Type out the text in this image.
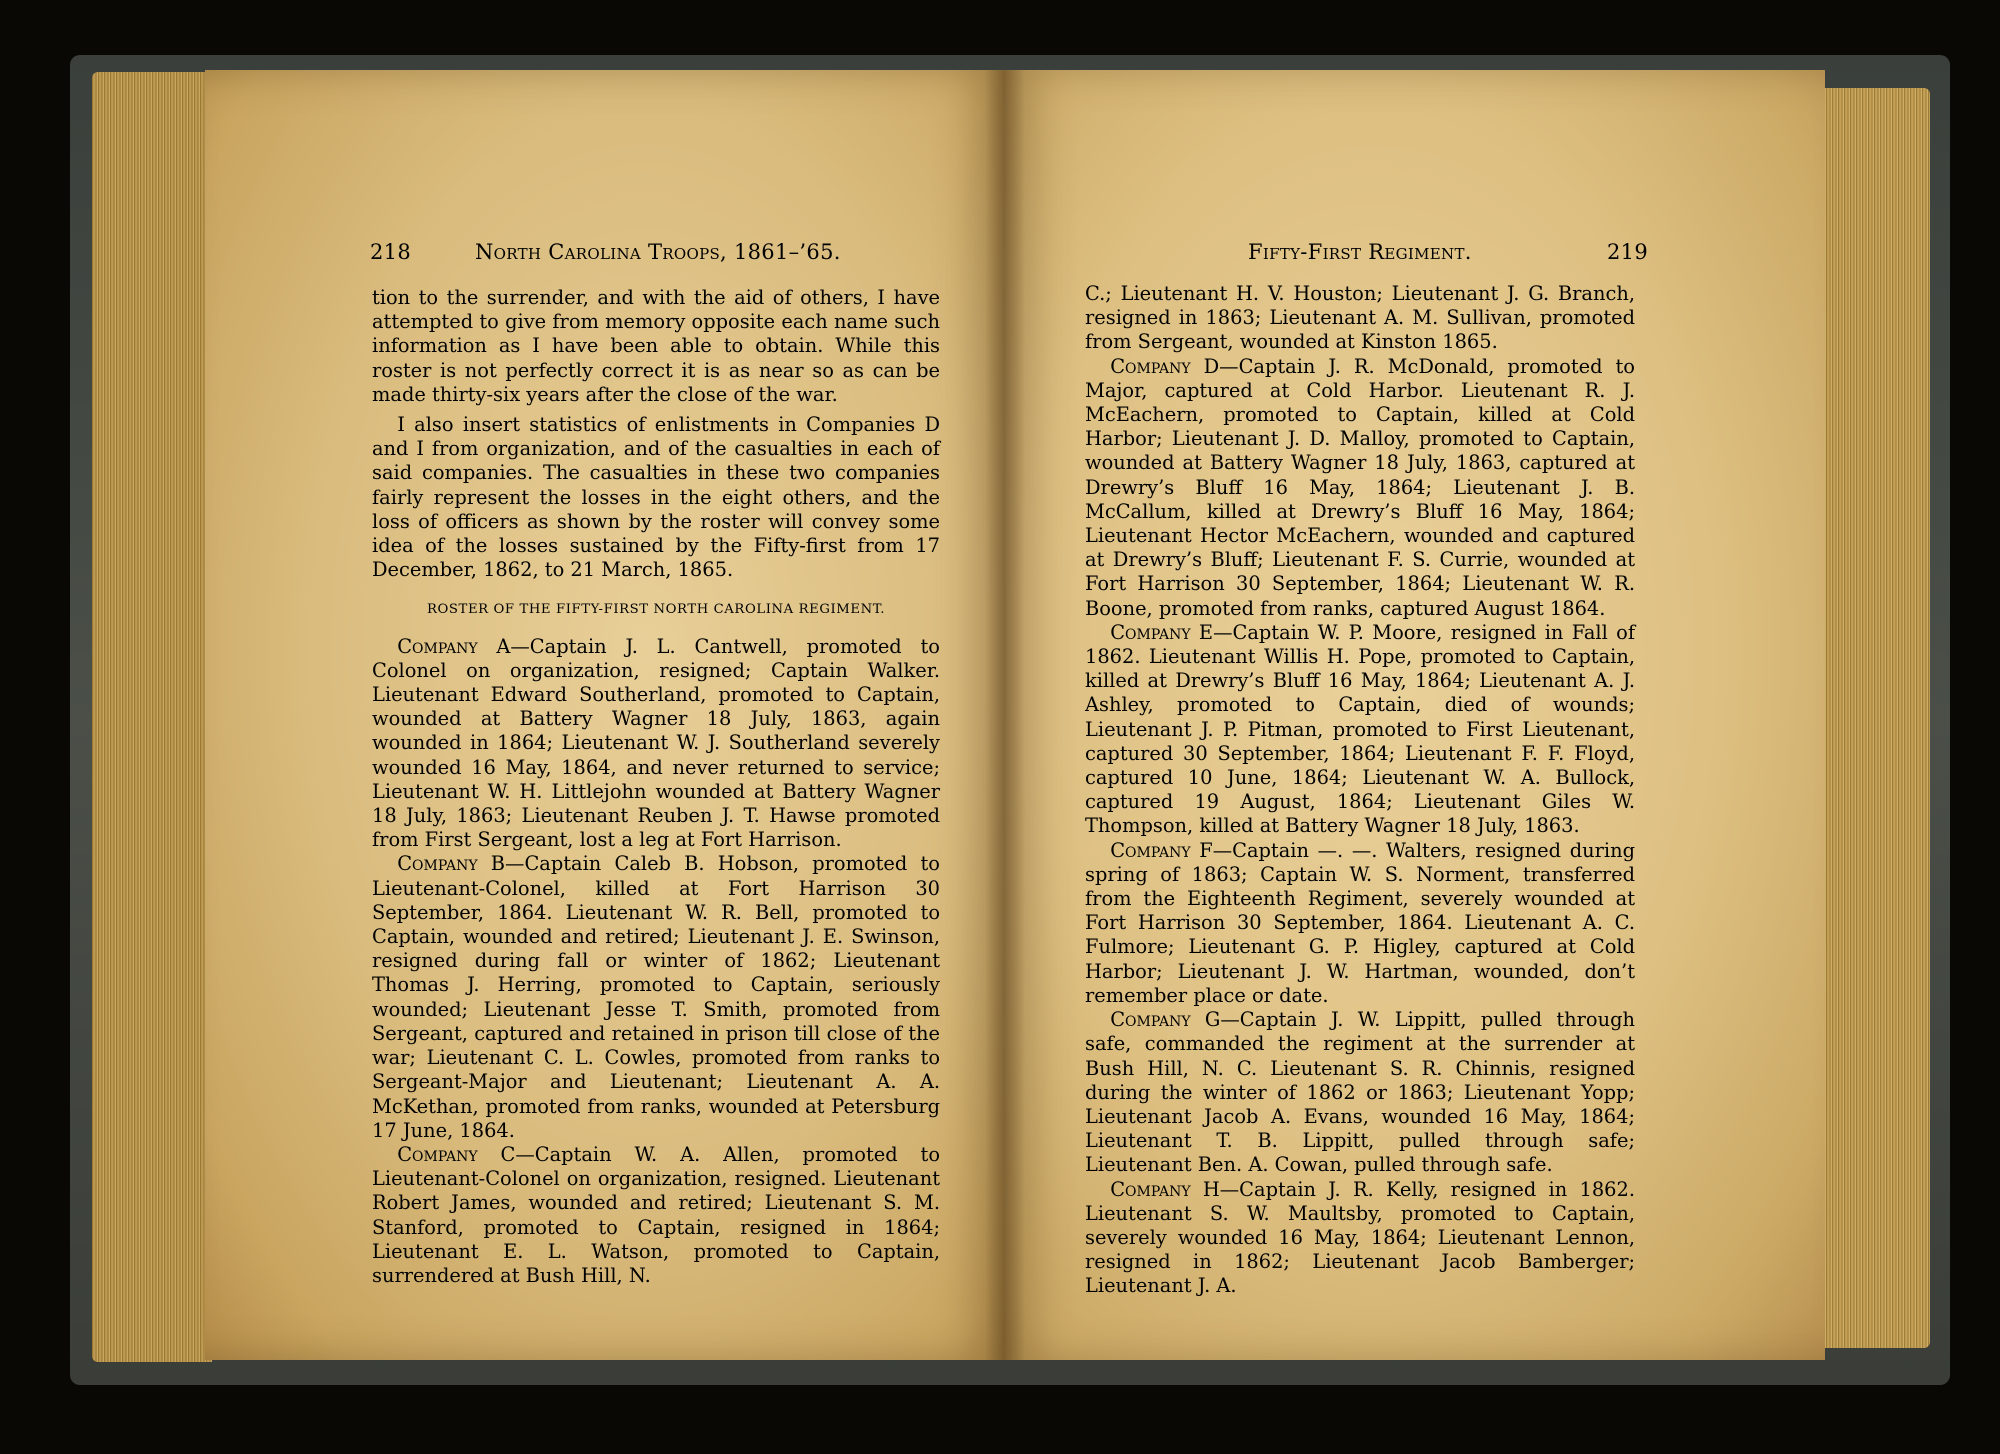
218	North Carolina Troops, 1861–’65.	Fifty-First Regiment.	219

tion to the surrender, and with the aid of others, I have attempted to give from memory opposite each name such information as I have been able to obtain. While this roster is not perfectly correct it is as near so as can be made thirty-six years after the close of the war.

I also insert statistics of enlistments in Companies D and I from organization, and of the casualties in each of said companies. The casualties in these two companies fairly represent the losses in the eight others, and the loss of officers as shown by the roster will convey some idea of the losses sustained by the Fifty-first from 17 December, 1862, to 21 March, 1865.

ROSTER OF THE FIFTY-FIRST NORTH CAROLINA REGIMENT.

Company A—Captain J. L. Cantwell, promoted to Colonel on organization, resigned; Captain Walker. Lieutenant Edward Southerland, promoted to Captain, wounded at Battery Wagner 18 July, 1863, again wounded in 1864; Lieutenant W. J. Southerland severely wounded 16 May, 1864, and never returned to service; Lieutenant W. H. Littlejohn wounded at Battery Wagner 18 July, 1863; Lieutenant Reuben J. T. Hawse promoted from First Sergeant, lost a leg at Fort Harrison.

Company B—Captain Caleb B. Hobson, promoted to Lieutenant-Colonel, killed at Fort Harrison 30 September, 1864. Lieutenant W. R. Bell, promoted to Captain, wounded and retired; Lieutenant J. E. Swinson, resigned during fall or winter of 1862; Lieutenant Thomas J. Herring, promoted to Captain, seriously wounded; Lieutenant Jesse T. Smith, promoted from Sergeant, captured and retained in prison till close of the war; Lieutenant C. L. Cowles, promoted from ranks to Sergeant-Major and Lieutenant; Lieutenant A. A. McKethan, promoted from ranks, wounded at Petersburg 17 June, 1864.

Company C—Captain W. A. Allen, promoted to Lieutenant-Colonel on organization, resigned. Lieutenant Robert James, wounded and retired; Lieutenant S. M. Stanford, promoted to Captain, resigned in 1864; Lieutenant E. L. Watson, promoted to Captain, surrendered at Bush Hill, N.

C.; Lieutenant H. V. Houston; Lieutenant J. G. Branch, resigned in 1863; Lieutenant A. M. Sullivan, promoted from Sergeant, wounded at Kinston 1865.

Company D—Captain J. R. McDonald, promoted to Major, captured at Cold Harbor. Lieutenant R. J. McEachern, promoted to Captain, killed at Cold Harbor; Lieutenant J. D. Malloy, promoted to Captain, wounded at Battery Wagner 18 July, 1863, captured at Drewry’s Bluff 16 May, 1864; Lieutenant J. B. McCallum, killed at Drewry’s Bluff 16 May, 1864; Lieutenant Hector McEachern, wounded and captured at Drewry’s Bluff; Lieutenant F. S. Currie, wounded at Fort Harrison 30 September, 1864; Lieutenant W. R. Boone, promoted from ranks, captured August 1864.

Company E—Captain W. P. Moore, resigned in Fall of 1862. Lieutenant Willis H. Pope, promoted to Captain, killed at Drewry’s Bluff 16 May, 1864; Lieutenant A. J. Ashley, promoted to Captain, died of wounds; Lieutenant J. P. Pitman, promoted to First Lieutenant, captured 30 September, 1864; Lieutenant F. F. Floyd, captured 10 June, 1864; Lieutenant W. A. Bullock, captured 19 August, 1864; Lieutenant Giles W. Thompson, killed at Battery Wagner 18 July, 1863.

Company F—Captain —. —. Walters, resigned during spring of 1863; Captain W. S. Norment, transferred from the Eighteenth Regiment, severely wounded at Fort Harrison 30 September, 1864. Lieutenant A. C. Fulmore; Lieutenant G. P. Higley, captured at Cold Harbor; Lieutenant J. W. Hartman, wounded, don’t remember place or date.

Company G—Captain J. W. Lippitt, pulled through safe, commanded the regiment at the surrender at Bush Hill, N. C. Lieutenant S. R. Chinnis, resigned during the winter of 1862 or 1863; Lieutenant Yopp; Lieutenant Jacob A. Evans, wounded 16 May, 1864; Lieutenant T. B. Lippitt, pulled through safe; Lieutenant Ben. A. Cowan, pulled through safe.

Company H—Captain J. R. Kelly, resigned in 1862. Lieutenant S. W. Maultsby, promoted to Captain, severely wounded 16 May, 1864; Lieutenant Lennon, resigned in 1862; Lieutenant Jacob Bamberger; Lieutenant J. A.
